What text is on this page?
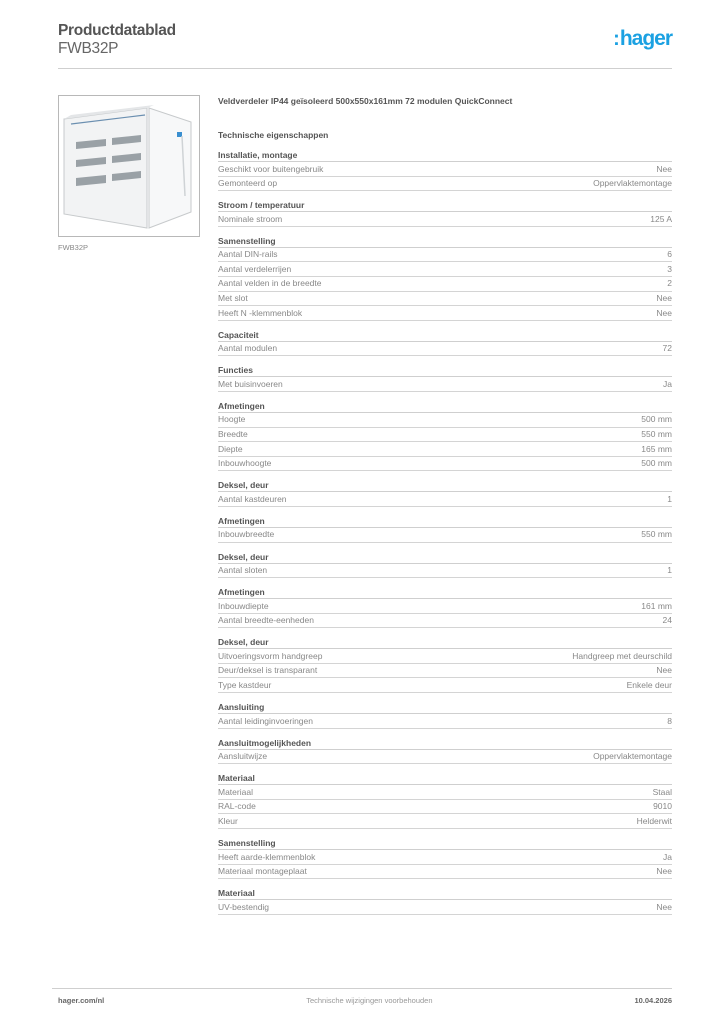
Productdatablad
FWB32P	:hager
FWB32P
Veldverdeler IP44 geïsoleerd 500x550x161mm 72 modulen QuickConnect
Technische eigenschappen
Installatie, montage
Geschikt voor buitengebruik	Nee
Gemonteerd op	Oppervlaktemontage
Stroom / temperatuur
Nominale stroom	125 A
Samenstelling
Aantal DIN-rails	6
Aantal verdelerrijen	3
Aantal velden in de breedte	2
Met slot	Nee
Heeft N -klemmenblok	Nee
Capaciteit
Aantal modulen	72
Functies
Met buisinvoeren	Ja
Afmetingen
Hoogte	500 mm
Breedte	550 mm
Diepte	165 mm
Inbouwhoogte	500 mm
Deksel, deur
Aantal kastdeuren	1
Afmetingen
Inbouwbreedte	550 mm
Deksel, deur
Aantal sloten	1
Afmetingen
Inbouwdiepte	161 mm
Aantal breedte-eenheden	24
Deksel, deur
Uitvoeringsvorm handgreep	Handgreep met deurschild
Deur/deksel is transparant	Nee
Type kastdeur	Enkele deur
Aansluiting
Aantal leidinginvoeringen	8
Aansluitmogelijkheden
Aansluitwijze	Oppervlaktemontage
Materiaal
Materiaal	Staal
RAL-code	9010
Kleur	Helderwit
Samenstelling
Heeft aarde-klemmenblok	Ja
Materiaal montageplaat	Nee
Materiaal
UV-bestendig	Nee
hager.com/nl	Technische wijzigingen voorbehouden	10.04.2026
